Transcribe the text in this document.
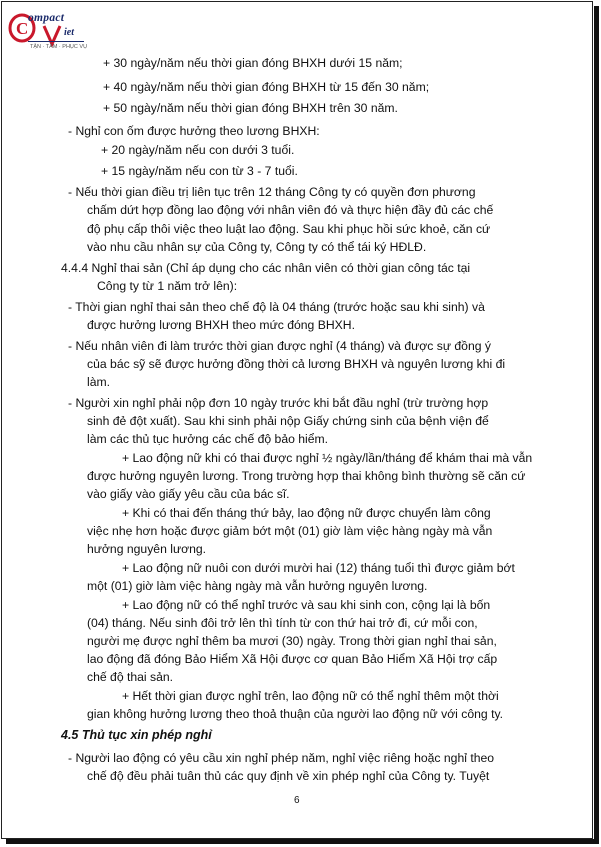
C
ompact
iet
TẬN · TÂM · PHỤC VỤ
+ 30 ngày/năm nếu thời gian đóng BHXH dưới 15 năm;
+ 40 ngày/năm nếu thời gian đóng BHXH từ 15 đến 30 năm;
+ 50 ngày/năm nếu thời gian đóng BHXH trên 30 năm.
- Nghỉ con ốm được hưởng theo lương BHXH:
+ 20 ngày/năm nếu con dưới 3 tuổi.
+ 15 ngày/năm nếu con từ 3 - 7 tuổi.
- Nếu thời gian điều trị liên tục trên 12 tháng Công ty có quyền đơn phương
chấm dứt hợp đồng lao động với nhân viên đó và thực hiện đầy đủ các chế
độ phụ cấp thôi việc theo luật lao động. Sau khi phục hồi sức khoẻ, căn cứ
vào nhu cầu nhân sự của Công ty, Công ty có thể tái ký HĐLĐ.
4.4.4 Nghỉ thai sản (Chỉ áp dụng cho các nhân viên có thời gian công tác tại
Công ty từ 1 năm trở lên):
- Thời gian nghỉ thai sản theo chế độ là 04 tháng (trước hoặc sau khi sinh) và
được hưởng lương BHXH theo mức đóng BHXH.
- Nếu nhân viên đi làm trước thời gian được nghỉ (4 tháng) và được sự đồng ý
của bác sỹ sẽ được hưởng đồng thời cả lương BHXH và nguyên lương khi đi
làm.
- Người xin nghỉ phải nộp đơn 10 ngày trước khi bắt đầu nghỉ (trừ trường hợp
sinh đẻ đột xuất). Sau khi sinh phải nộp Giấy chứng sinh của bệnh viện để
làm các thủ tục hưởng các chế độ bảo hiểm.
+ Lao động nữ khi có thai được nghỉ ½ ngày/lần/tháng để khám thai mà vẫn
được hưởng nguyên lương. Trong trường hợp thai không bình thường sẽ căn cứ
vào giấy vào giấy yêu cầu của bác sĩ.
+ Khi có thai đến tháng thứ bảy, lao động nữ được chuyển làm công
việc nhẹ hơn hoặc được giảm bớt một (01) giờ làm việc hàng ngày mà vẫn
hưởng nguyên lương.
+ Lao động nữ nuôi con dưới mười hai (12) tháng tuổi thì được giảm bớt
một (01) giờ làm việc hàng ngày mà vẫn hưởng nguyên lương.
+ Lao động nữ có thể nghỉ trước và sau khi sinh con, cộng lại là bốn
(04) tháng. Nếu sinh đôi trở lên thì tính từ con thứ hai trở đi, cứ mỗi con,
người mẹ được nghỉ thêm ba mươi (30) ngày. Trong thời gian nghỉ thai sản,
lao động đã đóng Bảo Hiểm Xã Hội được cơ quan Bảo Hiểm Xã Hội trợ cấp
chế độ thai sản.
+ Hết thời gian được nghỉ trên, lao động nữ có thể nghỉ thêm một thời
gian không hưởng lương theo thoả thuận của người lao động nữ với công ty.
4.5 Thủ tục xin phép nghỉ
- Người lao động có yêu cầu xin nghỉ phép năm, nghỉ việc riêng hoặc nghỉ theo
chế độ đều phải tuân thủ các quy định về xin phép nghỉ của Công ty. Tuyệt
6
